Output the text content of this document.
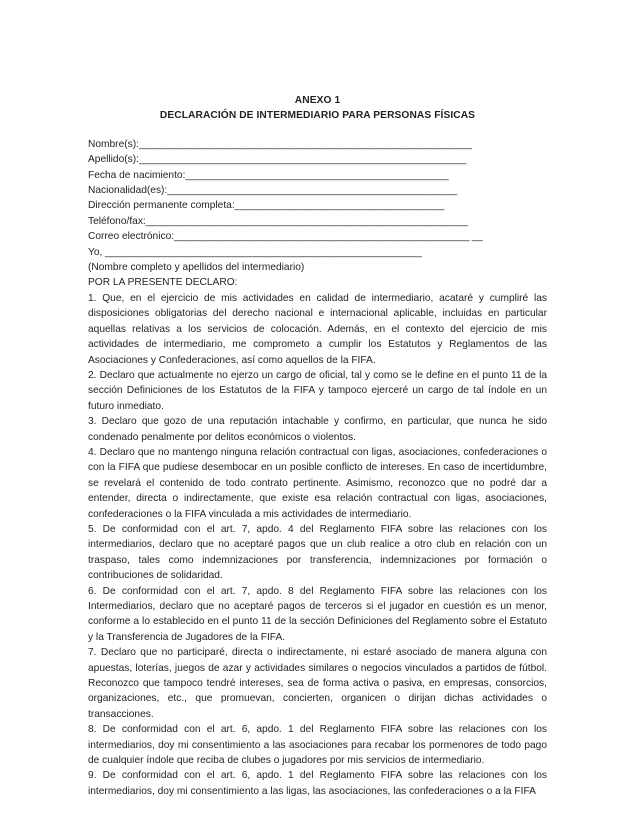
ANEXO 1
DECLARACIÓN DE INTERMEDIARIO PARA PERSONAS FÍSICAS
Nombre(s):______________________________________________________________
Apellido(s):_____________________________________________________________
Fecha de nacimiento:_________________________________________________
Nacionalidad(es):______________________________________________________
Dirección permanente completa:_______________________________________
Teléfono/fax:____________________________________________________________
Correo electrónico:_______________________________________________________ __
Yo, ___________________________________________________________
(Nombre completo y apellidos del intermediario)
POR LA PRESENTE DECLARO:

1. Que, en el ejercicio de mis actividades en calidad de intermediario, acataré y cumpliré las disposiciones obligatorias del derecho nacional e internacional aplicable, incluidas en particular aquellas relativas a los servicios de colocación. Además, en el contexto del ejercicio de mis actividades de intermediario, me comprometo a cumplir los Estatutos y Reglamentos de las Asociaciones y Confederaciones, así como aquellos de la FIFA.

2. Declaro que actualmente no ejerzo un cargo de oficial, tal y como se le define en el punto 11 de la sección Definiciones de los Estatutos de la FIFA y tampoco ejerceré un cargo de tal índole en un futuro inmediato.

3. Declaro que gozo de una reputación intachable y confirmo, en particular, que nunca he sido condenado penalmente por delitos económicos o violentos.

4. Declaro que no mantengo ninguna relación contractual con ligas, asociaciones, confederaciones o con la FIFA que pudiese desembocar en un posible conflicto de intereses. En caso de incertidumbre, se revelará el contenido de todo contrato pertinente. Asimismo, reconozco que no podré dar a entender, directa o indirectamente, que existe esa relación contractual con ligas, asociaciones, confederaciones o la FIFA vinculada a mis actividades de intermediario.

5. De conformidad con el art. 7, apdo. 4 del Reglamento FIFA sobre las relaciones con los intermediarios, declaro que no aceptaré pagos que un club realice a otro club en relación con un traspaso, tales como indemnizaciones por transferencia, indemnizaciones por formación o contribuciones de solidaridad.

6. De conformidad con el art. 7, apdo. 8 del Reglamento FIFA sobre las relaciones con los Intermediarios, declaro que no aceptaré pagos de terceros si el jugador en cuestión es un menor, conforme a lo establecido en el punto 11 de la sección Definiciones del Reglamento sobre el Estatuto y la Transferencia de Jugadores de la FIFA.

7. Declaro que no participaré, directa o indirectamente, ni estaré asociado de manera alguna con apuestas, loterías, juegos de azar y actividades similares o negocios vinculados a partidos de fútbol. Reconozco que tampoco tendré intereses, sea de forma activa o pasiva, en empresas, consorcios, organizaciones, etc., que promuevan, concierten, organicen o dirijan dichas actividades o transacciones.

8. De conformidad con el art. 6, apdo. 1 del Reglamento FIFA sobre las relaciones con los intermediarios, doy mi consentimiento a las asociaciones para recabar los pormenores de todo pago de cualquier índole que reciba de clubes o jugadores por mis servicios de intermediario.

9. De conformidad con el art. 6, apdo. 1 del Reglamento FIFA sobre las relaciones con los intermediarios, doy mi consentimiento a las ligas, las asociaciones, las confederaciones o a la FIFA
